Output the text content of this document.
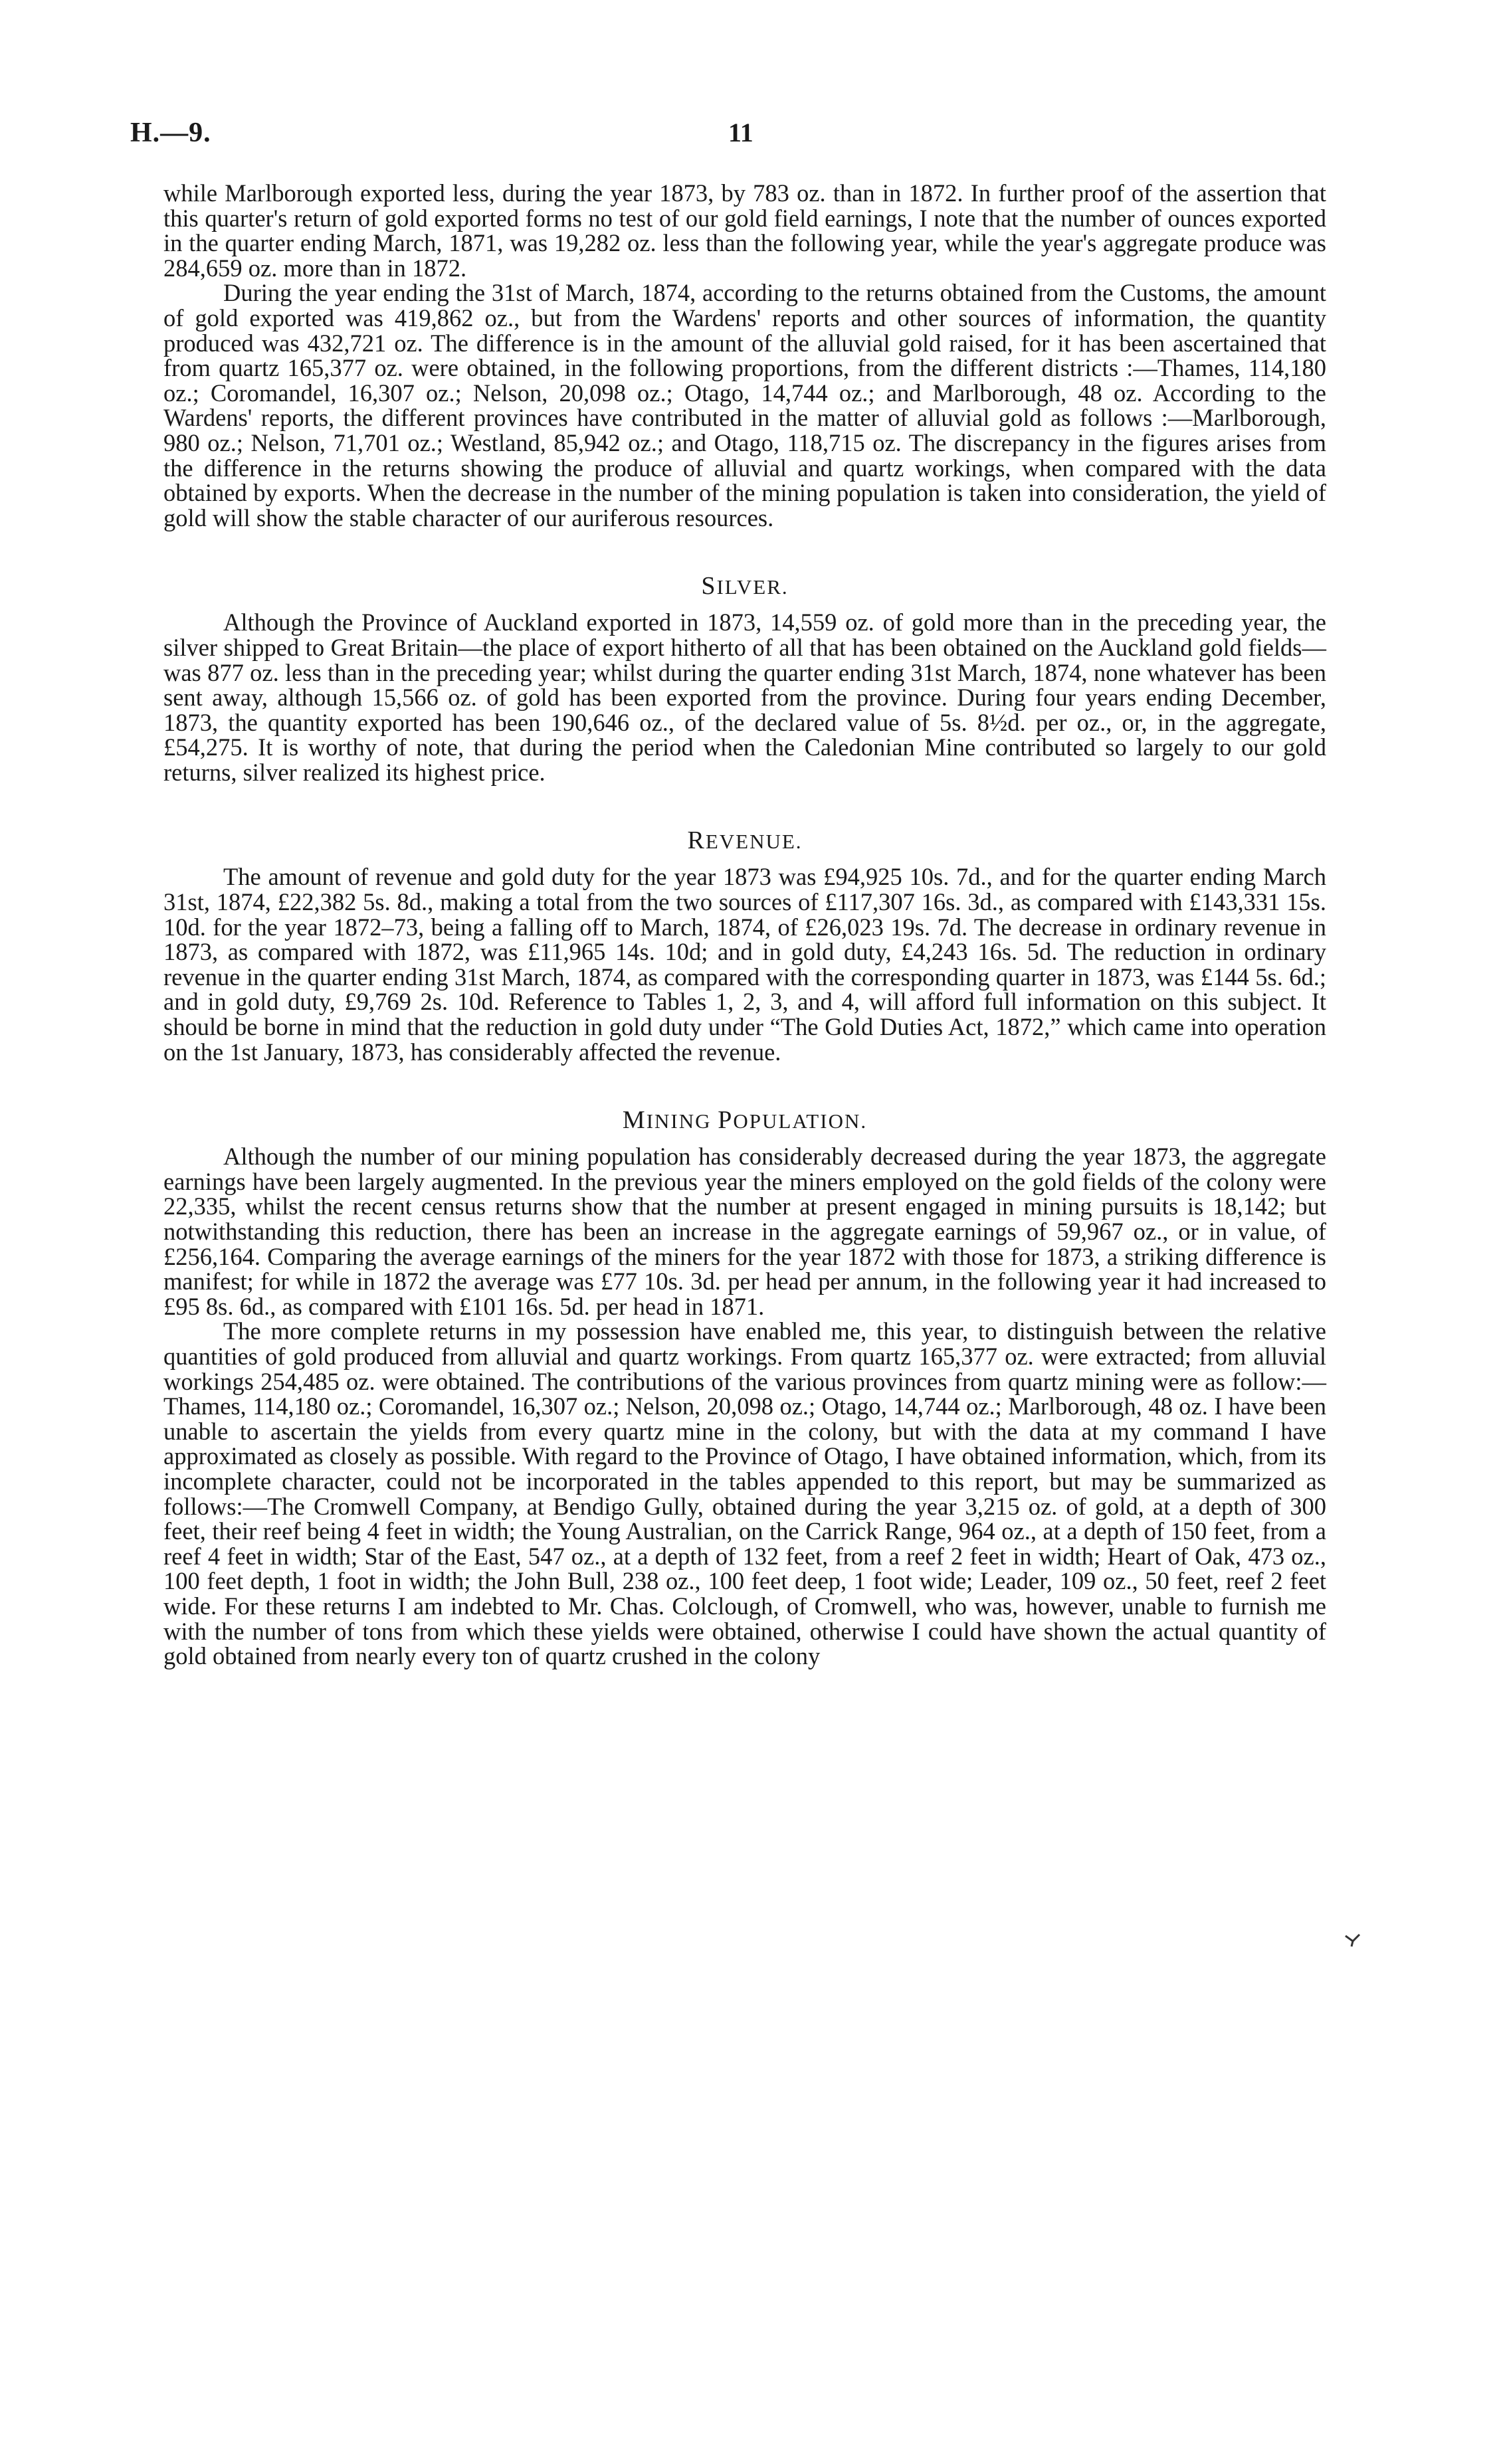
H.—9.	11

while Marlborough exported less, during the year 1873, by 783 oz. than in 1872. In further proof of the assertion that this quarter's return of gold exported forms no test of our gold field earnings, I note that the number of ounces exported in the quarter ending March, 1871, was 19,282 oz. less than the following year, while the year's aggregate produce was 284,659 oz. more than in 1872.

During the year ending the 31st of March, 1874, according to the returns obtained from the Customs, the amount of gold exported was 419,862 oz., but from the Wardens' reports and other sources of information, the quantity produced was 432,721 oz. The difference is in the amount of the alluvial gold raised, for it has been ascertained that from quartz 165,377 oz. were obtained, in the following proportions, from the different districts :—Thames, 114,180 oz.; Coromandel, 16,307 oz.; Nelson, 20,098 oz.; Otago, 14,744 oz.; and Marlborough, 48 oz. According to the Wardens' reports, the different provinces have contributed in the matter of alluvial gold as follows :—Marlborough, 980 oz.; Nelson, 71,701 oz.; Westland, 85,942 oz.; and Otago, 118,715 oz. The discrepancy in the figures arises from the difference in the returns showing the produce of alluvial and quartz workings, when compared with the data obtained by exports. When the decrease in the number of the mining population is taken into consideration, the yield of gold will show the stable character of our auriferous resources.

SILVER.

Although the Province of Auckland exported in 1873, 14,559 oz. of gold more than in the preceding year, the silver shipped to Great Britain—the place of export hitherto of all that has been obtained on the Auckland gold fields—was 877 oz. less than in the preceding year; whilst during the quarter ending 31st March, 1874, none whatever has been sent away, although 15,566 oz. of gold has been exported from the province. During four years ending December, 1873, the quantity exported has been 190,646 oz., of the declared value of 5s. 8½d. per oz., or, in the aggregate, £54,275. It is worthy of note, that during the period when the Caledonian Mine contributed so largely to our gold returns, silver realized its highest price.

REVENUE.

The amount of revenue and gold duty for the year 1873 was £94,925 10s. 7d., and for the quarter ending March 31st, 1874, £22,382 5s. 8d., making a total from the two sources of £117,307 16s. 3d., as compared with £143,331 15s. 10d. for the year 1872–73, being a falling off to March, 1874, of £26,023 19s. 7d. The decrease in ordinary revenue in 1873, as compared with 1872, was £11,965 14s. 10d; and in gold duty, £4,243 16s. 5d. The reduction in ordinary revenue in the quarter ending 31st March, 1874, as compared with the corresponding quarter in 1873, was £144 5s. 6d.; and in gold duty, £9,769 2s. 10d. Reference to Tables 1, 2, 3, and 4, will afford full information on this subject. It should be borne in mind that the reduction in gold duty under “The Gold Duties Act, 1872,” which came into operation on the 1st January, 1873, has considerably affected the revenue.

MINING POPULATION.

Although the number of our mining population has considerably decreased during the year 1873, the aggregate earnings have been largely augmented. In the previous year the miners employed on the gold fields of the colony were 22,335, whilst the recent census returns show that the number at present engaged in mining pursuits is 18,142; but notwithstanding this reduction, there has been an increase in the aggregate earnings of 59,967 oz., or in value, of £256,164. Comparing the average earnings of the miners for the year 1872 with those for 1873, a striking difference is manifest; for while in 1872 the average was £77 10s. 3d. per head per annum, in the following year it had increased to £95 8s. 6d., as compared with £101 16s. 5d. per head in 1871.

The more complete returns in my possession have enabled me, this year, to distinguish between the relative quantities of gold produced from alluvial and quartz workings. From quartz 165,377 oz. were extracted; from alluvial workings 254,485 oz. were obtained. The contributions of the various provinces from quartz mining were as follow:—Thames, 114,180 oz.; Coromandel, 16,307 oz.; Nelson, 20,098 oz.; Otago, 14,744 oz.; Marlborough, 48 oz. I have been unable to ascertain the yields from every quartz mine in the colony, but with the data at my command I have approximated as closely as possible. With regard to the Province of Otago, I have obtained information, which, from its incomplete character, could not be incorporated in the tables appended to this report, but may be summarized as follows:—The Cromwell Company, at Bendigo Gully, obtained during the year 3,215 oz. of gold, at a depth of 300 feet, their reef being 4 feet in width; the Young Australian, on the Carrick Range, 964 oz., at a depth of 150 feet, from a reef 4 feet in width; Star of the East, 547 oz., at a depth of 132 feet, from a reef 2 feet in width; Heart of Oak, 473 oz., 100 feet depth, 1 foot in width; the John Bull, 238 oz., 100 feet deep, 1 foot wide; Leader, 109 oz., 50 feet, reef 2 feet wide. For these returns I am indebted to Mr. Chas. Colclough, of Cromwell, who was, however, unable to furnish me with the number of tons from which these yields were obtained, otherwise I could have shown the actual quantity of gold obtained from nearly every ton of quartz crushed in the colony
